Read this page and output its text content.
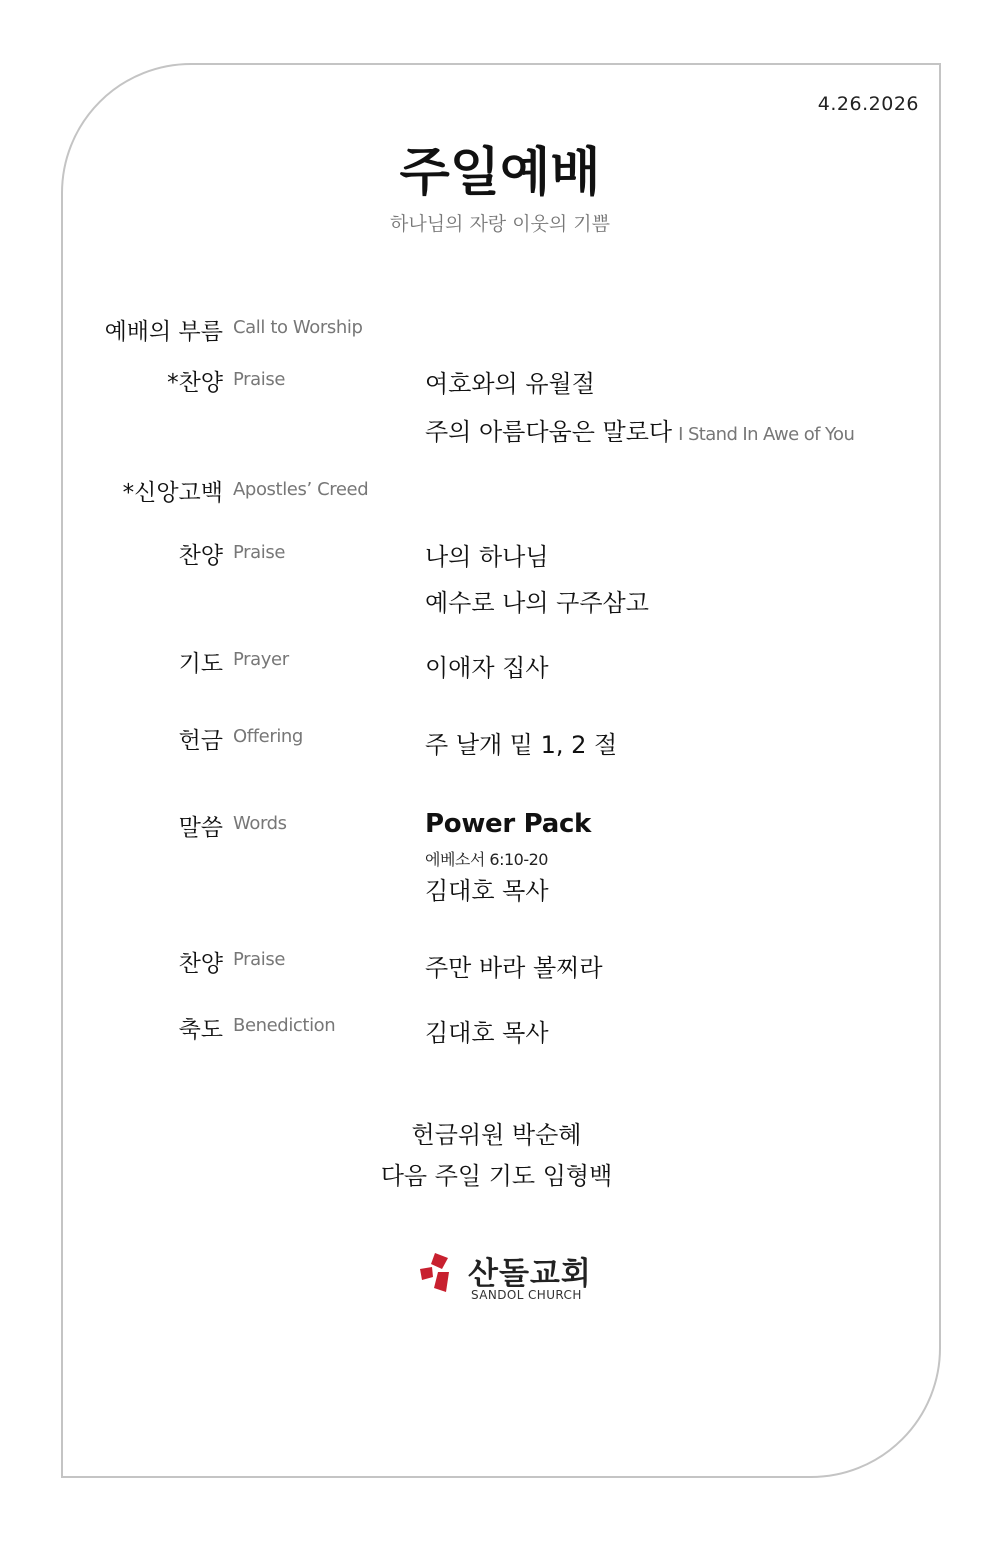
4.26.2026
주일예배
하나님의 자랑 이웃의 기쁨
예배의 부름 Call to Worship
*찬양 Praise	여호와의 유월절
주의 아름다움은 말로다 I Stand In Awe of You
*신앙고백 Apostles’ Creed
찬양 Praise	나의 하나님
예수로 나의 구주삼고
기도 Prayer	이애자 집사
헌금 Offering	주 날개 밑 1, 2 절
말씀 Words	Power Pack
에베소서 6:10-20
김대호 목사
찬양 Praise	주만 바라 볼찌라
축도 Benediction	김대호 목사
헌금위원 박순혜
다음 주일 기도 임형백
산돌교회
SANDOL CHURCH
